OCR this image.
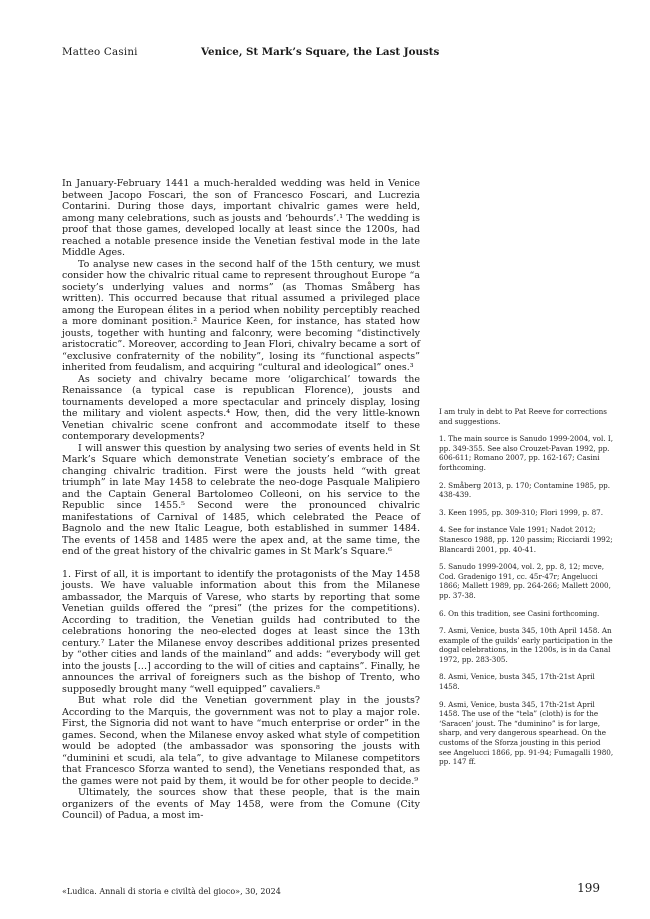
Matteo Casini	Venice, St Mark’s Square, the Last Jousts

In January-February 1441 a much-heralded wedding was held in Venice between Jacopo Foscari, the son of Francesco Foscari, and Lucrezia Contarini. During those days, important chivalric games were held, among many celebrations, such as jousts and ‘behourds’.¹ The wedding is proof that those games, developed locally at least since the 1200s, had reached a notable presence inside the Venetian festival mode in the late Middle Ages.

To analyse new cases in the second half of the 15th century, we must consider how the chivalric ritual came to represent throughout Europe “a society’s underlying values and norms” (as Thomas Småberg has written). This occurred because that ritual assumed a privileged place among the European élites in a period when nobility perceptibly reached a more dominant position.² Maurice Keen, for instance, has stated how jousts, together with hunting and falconry, were becoming “distinctively aristocratic”. Moreover, according to Jean Flori, chivalry became a sort of “exclusive confraternity of the nobility”, losing its “functional aspects” inherited from feudalism, and acquiring “cultural and ideological” ones.³

As society and chivalry became more ‘oligarchical’ towards the Renaissance (a typical case is republican Florence), jousts and tournaments developed a more spectacular and princely display, losing the military and violent aspects.⁴ How, then, did the very little-known Venetian chivalric scene confront and accommodate itself to these contemporary developments?

I will answer this question by analysing two series of events held in St Mark’s Square which demonstrate Venetian society’s embrace of the changing chivalric tradition. First were the jousts held “with great triumph” in late May 1458 to celebrate the neo-doge Pasquale Malipiero and the Captain General Bartolomeo Colleoni, on his service to the Republic since 1455.⁵ Second were the pronounced chivalric manifestations of Carnival of 1485, which celebrated the Peace of Bagnolo and the new Italic League, both established in summer 1484. The events of 1458 and 1485 were the apex and, at the same time, the end of the great history of the chivalric games in St Mark’s Square.⁶

1. First of all, it is important to identify the protagonists of the May 1458 jousts. We have valuable information about this from the Milanese ambassador, the Marquis of Varese, who starts by reporting that some Venetian guilds offered the “presi” (the prizes for the competitions). According to tradition, the Venetian guilds had contributed to the celebrations honoring the neo-elected doges at least since the 13th century.⁷ Later the Milanese envoy describes additional prizes presented by “other cities and lands of the mainland” and adds: “everybody will get into the jousts […] according to the will of cities and captains”. Finally, he announces the arrival of foreigners such as the bishop of Trento, who supposedly brought many “well equipped” cavaliers.⁸

But what role did the Venetian government play in the jousts? According to the Marquis, the government was not to play a major role. First, the Signoria did not want to have “much enterprise or order” in the games. Second, when the Milanese envoy asked what style of competition would be adopted (the ambassador was sponsoring the jousts with “duminini et scudi, ala tela”, to give advantage to Milanese competitors that Francesco Sforza wanted to send), the Venetians responded that, as the games were not paid by them, it would be for other people to decide.⁹

Ultimately, the sources show that these people, that is the main organizers of the events of May 1458, were from the Comune (City Council) of Padua, a most im-

I am truly in debt to Pat Reeve for corrections and suggestions.
1. The main source is Sanudo 1999-2004, vol. I, pp. 349-355. See also Crouzet-Pavan 1992, pp. 606-611; Romano 2007, pp. 162-167; Casini forthcoming.
2. Småberg 2013, p. 170; Contamine 1985, pp. 438-439.
3. Keen 1995, pp. 309-310; Flori 1999, p. 87.
4. See for instance Vale 1991; Nadot 2012; Stanesco 1988, pp. 120 passim; Ricciardi 1992; Blancardi 2001, pp. 40-41.
5. Sanudo 1999-2004, vol. 2, pp. 8, 12; mcve, Cod. Gradenigo 191, cc. 45r-47r; Angelucci 1866; Mallett 1989, pp. 264-266; Mallett 2000, pp. 37-38.
6. On this tradition, see Casini forthcoming.
7. Asmi, Venice, busta 345, 10th April 1458. An example of the guilds’ early participation in the dogal celebrations, in the 1200s, is in da Canal 1972, pp. 283-305.
8. Asmi, Venice, busta 345, 17th-21st April 1458.
9. Asmi, Venice, busta 345, 17th-21st April 1458. The use of the “tela” (cloth) is for the ‘Saracen’ joust. The “duminino” is for large, sharp, and very dangerous spearhead. On the customs of the Sforza jousting in this period see Angelucci 1866, pp. 91-94; Fumagalli 1980, pp. 147 ff.
«Ludica. Annali di storia e civiltà del gioco», 30, 2024	199
